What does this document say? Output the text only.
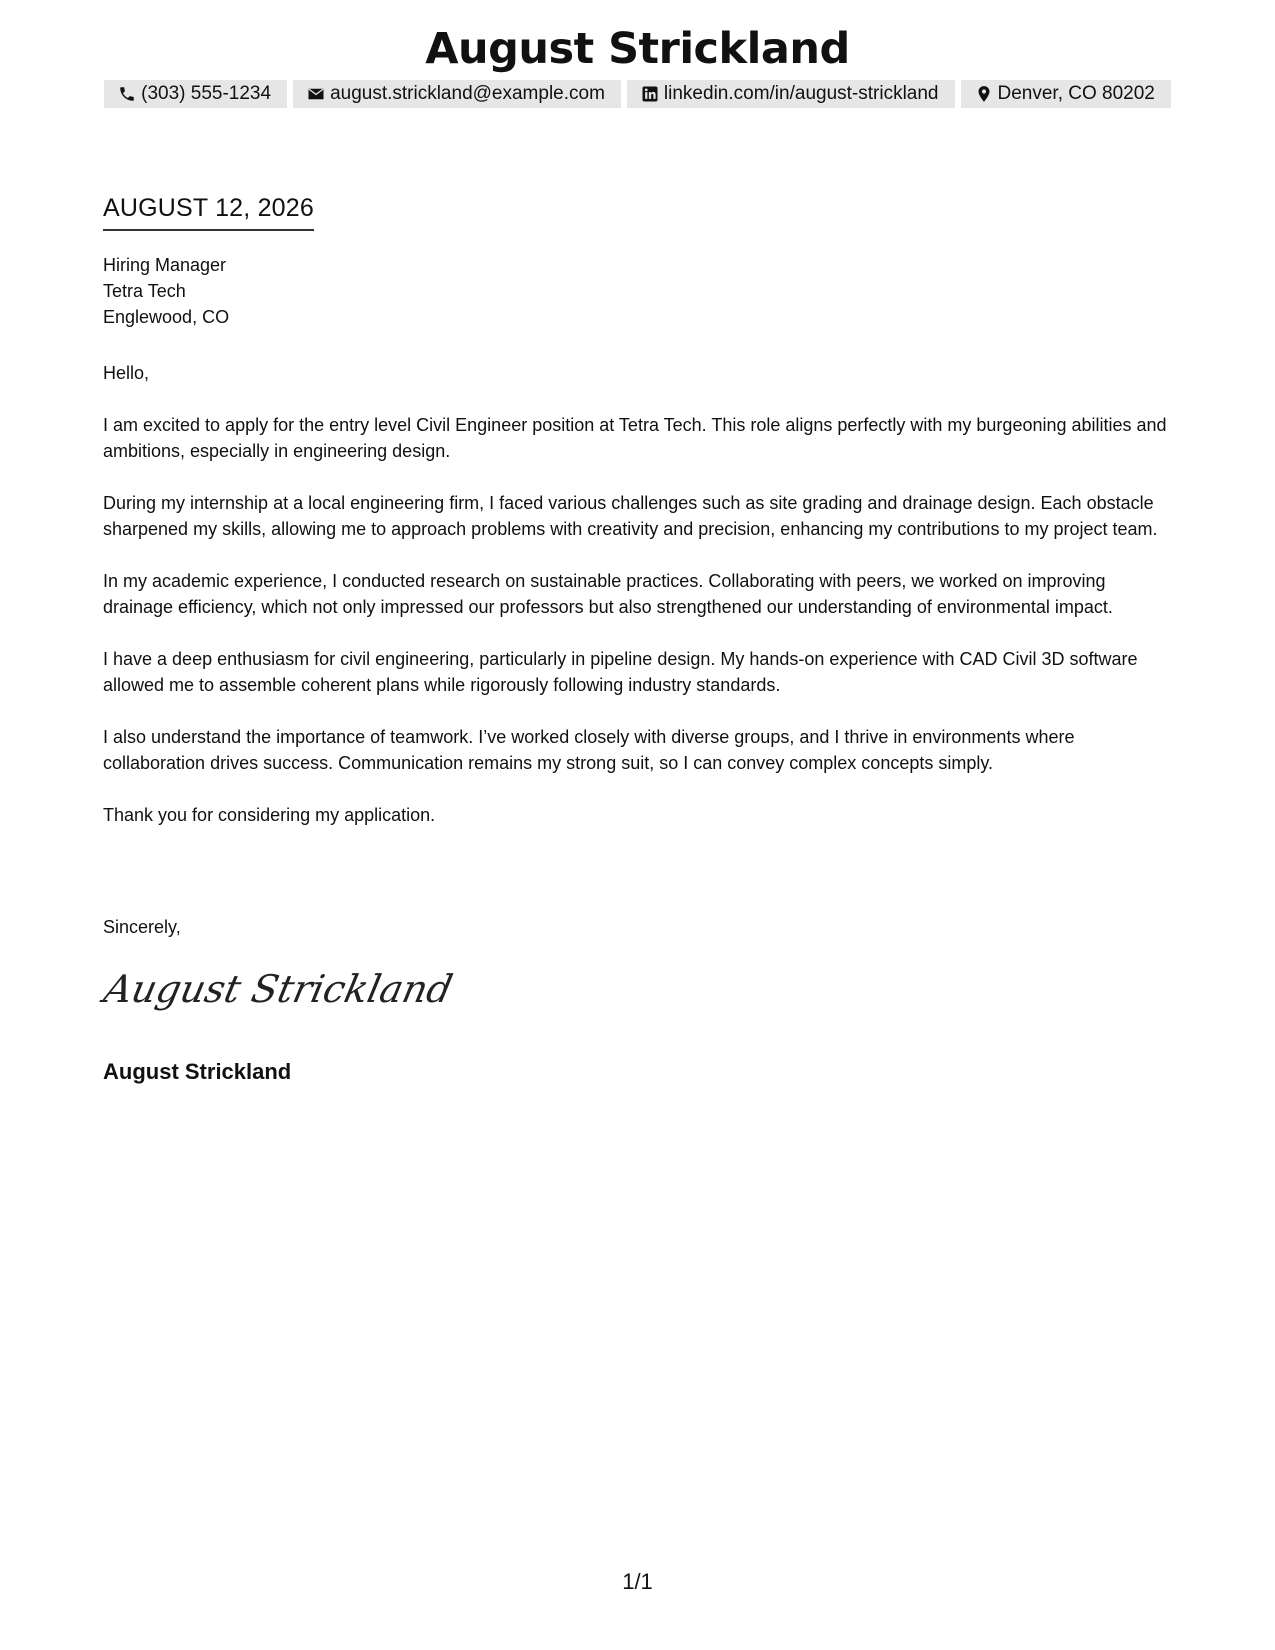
August Strickland
(303) 555-1234	august.strickland@example.com	linkedin.com/in/august-strickland	Denver, CO 80202
AUGUST 12, 2026
Hiring Manager
Tetra Tech
Englewood, CO

Hello,

I am excited to apply for the entry level Civil Engineer position at Tetra Tech. This role aligns perfectly with my burgeoning abilities and ambitions, especially in engineering design.

During my internship at a local engineering firm, I faced various challenges such as site grading and drainage design. Each obstacle sharpened my skills, allowing me to approach problems with creativity and precision, enhancing my contributions to my project team.

In my academic experience, I conducted research on sustainable practices. Collaborating with peers, we worked on improving drainage efficiency, which not only impressed our professors but also strengthened our understanding of environmental impact.

I have a deep enthusiasm for civil engineering, particularly in pipeline design. My hands-on experience with CAD Civil 3D software allowed me to assemble coherent plans while rigorously following industry standards.

I also understand the importance of teamwork. I’ve worked closely with diverse groups, and I thrive in environments where collaboration drives success. Communication remains my strong suit, so I can convey complex concepts simply.

Thank you for considering my application.

Sincerely,
August Strickland
August Strickland
1/1
